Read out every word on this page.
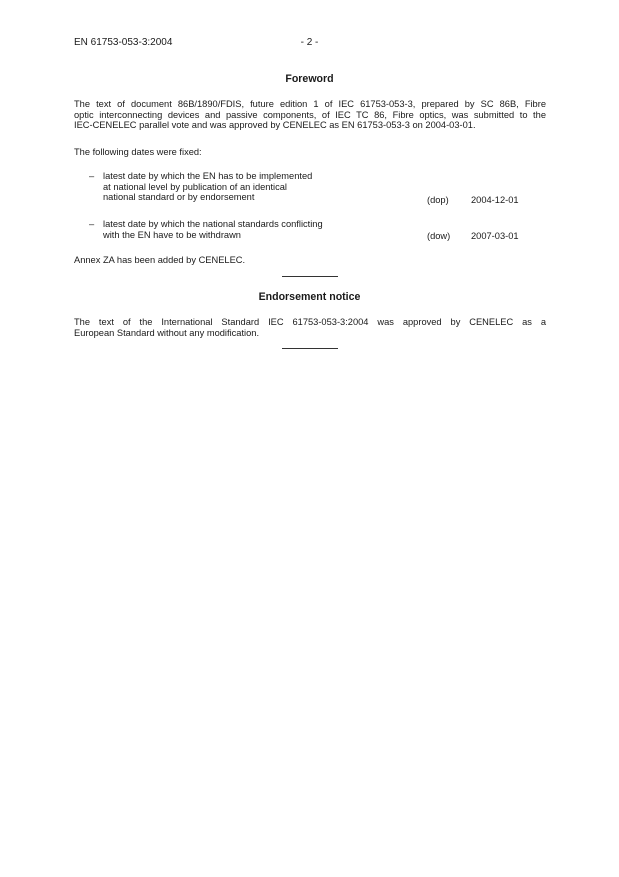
EN 61753-053-3:2004	- 2 -
Foreword
The text of document 86B/1890/FDIS, future edition 1 of IEC 61753-053-3, prepared by SC 86B, Fibre
optic interconnecting devices and passive components, of IEC TC 86, Fibre optics, was submitted to the
IEC-CENELEC parallel vote and was approved by CENELEC as EN 61753-053-3 on 2004-03-01.
The following dates were fixed:
– latest date by which the EN has to be implemented
at national level by publication of an identical
national standard or by endorsement	(dop) 2004-12-01
– latest date by which the national standards conflicting
with the EN have to be withdrawn	(dow) 2007-03-01
Annex ZA has been added by CENELEC.
Endorsement notice
The text of the International Standard IEC 61753-053-3:2004 was approved by CENELEC as a
European Standard without any modification.
